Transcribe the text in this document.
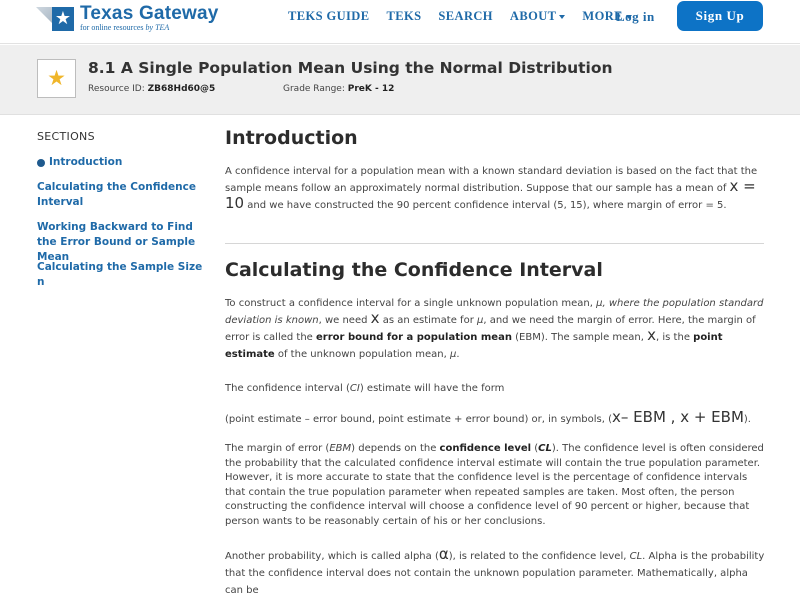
★ Texas Gateway
for online resources by TEA
TEKS GUIDE TEKS SEARCH ABOUT MORE
Log in	Sign Up
★ 8.1 A Single Population Mean Using the Normal Distribution
Resource ID: ZB68Hd60@5	Grade Range: PreK - 12
SECTIONS
Introduction
Calculating the Confidence Interval
Working Backward to Find the Error Bound or Sample Mean
Calculating the Sample Size n
Introduction
A confidence interval for a population mean with a known standard deviation is based on the fact that the sample means follow an approximately normal distribution. Suppose that our sample has a mean of x = 10 and we have constructed the 90 percent confidence interval (5, 15), where margin of error = 5.
Calculating the Confidence Interval
To construct a confidence interval for a single unknown population mean, μ, where the population standard deviation is known, we need x as an estimate for μ, and we need the margin of error. Here, the margin of error is called the error bound for a population mean (EBM). The sample mean, x, is the point estimate of the unknown population mean, μ.
The confidence interval (CI) estimate will have the form
(point estimate – error bound, point estimate + error bound) or, in symbols, (x– EBM , x + EBM).
The margin of error (EBM) depends on the confidence level (CL). The confidence level is often considered the probability that the calculated confidence interval estimate will contain the true population parameter. However, it is more accurate to state that the confidence level is the percentage of confidence intervals that contain the true population parameter when repeated samples are taken. Most often, the person constructing the confidence interval will choose a confidence level of 90 percent or higher, because that person wants to be reasonably certain of his or her conclusions.
Another probability, which is called alpha (α), is related to the confidence level, CL. Alpha is the probability that the confidence interval does not contain the unknown population parameter. Mathematically, alpha can be
